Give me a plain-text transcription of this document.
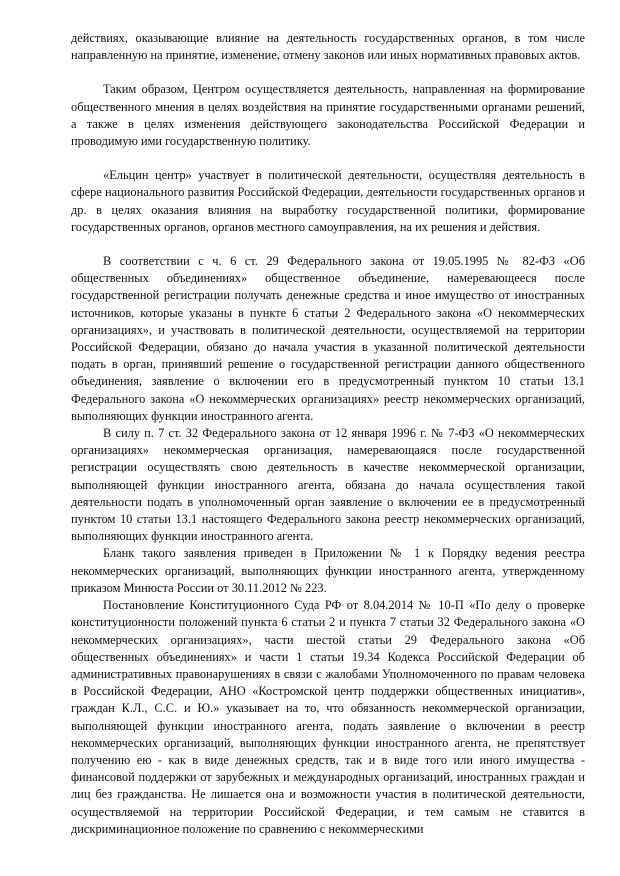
действиях, оказывающие влияние на деятельность государственных органов, в том числе направленную на принятие, изменение, отмену законов или иных нормативных правовых актов.

Таким образом, Центром осуществляется деятельность, направленная на формирование общественного мнения в целях воздействия на принятие государственными органами решений, а также в целях изменения действующего законодательства Российской Федерации и проводимую ими государственную политику.

«Ельцин центр» участвует в политической деятельности, осуществляя деятельность в сфере национального развития Российской Федерации, деятельности государственных органов и др. в целях оказания влияния на выработку государственной политики, формирование государственных органов, органов местного самоуправления, на их решения и действия.

В соответствии с ч. 6 ст. 29 Федерального закона от 19.05.1995 № 82-ФЗ «Об общественных объединениях» общественное объединение, намеревающееся после государственной регистрации получать денежные средства и иное имущество от иностранных источников, которые указаны в пункте 6 статьи 2 Федерального закона «О некоммерческих организациях», и участвовать в политической деятельности, осуществляемой на территории Российской Федерации, обязано до начала участия в указанной политической деятельности подать в орган, принявший решение о государственной регистрации данного общественного объединения, заявление о включении его в предусмотренный пунктом 10 статьи 13.1 Федерального закона «О некоммерческих организациях» реестр некоммерческих организаций, выполняющих функции иностранного агента.

В силу п. 7 ст. 32 Федерального закона от 12 января 1996 г. № 7-ФЗ «О некоммерческих организациях» некоммерческая организация, намеревающаяся после государственной регистрации осуществлять свою деятельность в качестве некоммерческой организации, выполняющей функции иностранного агента, обязана до начала осуществления такой деятельности подать в уполномоченный орган заявление о включении ее в предусмотренный пунктом 10 статьи 13.1 настоящего Федерального закона реестр некоммерческих организаций, выполняющих функции иностранного агента.

Бланк такого заявления приведен в Приложении № 1 к Порядку ведения реестра некоммерческих организаций, выполняющих функции иностранного агента, утвержденному приказом Минюста России от 30.11.2012 № 223.

Постановление Конституционного Суда РФ от 8.04.2014 № 10-П «По делу о проверке конституционности положений пункта 6 статьи 2 и пункта 7 статьи 32 Федерального закона «О некоммерческих организациях», части шестой статьи 29 Федерального закона «Об общественных объединениях» и части 1 статьи 19.34 Кодекса Российской Федерации об административных правонарушениях в связи с жалобами Уполномоченного по правам человека в Российской Федерации, АНО «Костромской центр поддержки общественных инициатив», граждан К.Л., С.С. и Ю.» указывает на то, что обязанность некоммерческой организации, выполняющей функции иностранного агента, подать заявление о включении в реестр некоммерческих организаций, выполняющих функции иностранного агента, не препятствует получению ею - как в виде денежных средств, так и в виде того или иного имущества - финансовой поддержки от зарубежных и международных организаций, иностранных граждан и лиц без гражданства. Не лишается она и возможности участия в политической деятельности, осуществляемой на территории Российской Федерации, и тем самым не ставится в дискриминационное положение по сравнению с некоммерческими
